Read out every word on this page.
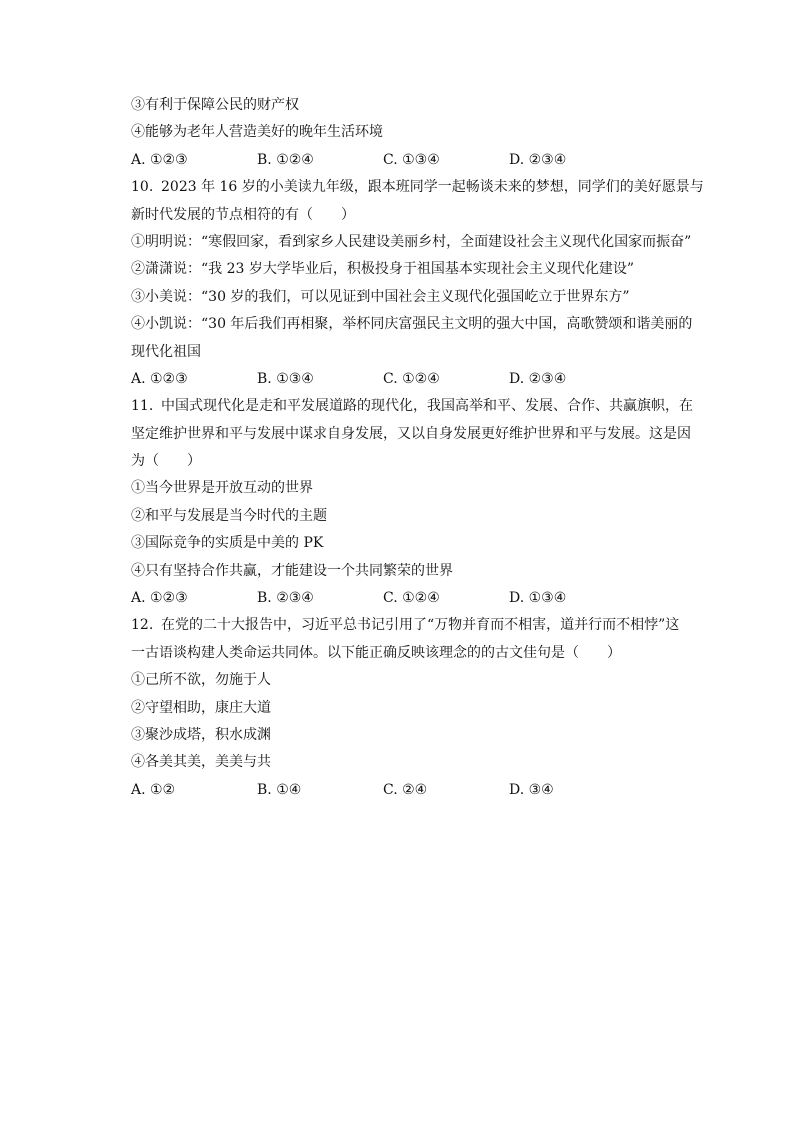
③有利于保障公民的财产权
④能够为老年人营造美好的晚年生活环境
A. ①②③	B. ①②④	C. ①③④	D. ②③④
10. 2023 年 16 岁的小美读九年级，跟本班同学一起畅谈未来的梦想，同学们的美好愿景与
新时代发展的节点相符的有（　　）
①明明说：“寒假回家，看到家乡人民建设美丽乡村，全面建设社会主义现代化国家而振奋”
②潇潇说：“我 23 岁大学毕业后，积极投身于祖国基本实现社会主义现代化建设”
③小美说：“30 岁的我们，可以见证到中国社会主义现代化强国屹立于世界东方”
④小凯说：“30 年后我们再相聚，举杯同庆富强民主文明的强大中国，高歌赞颂和谐美丽的
现代化祖国
A. ①②③	B. ①③④	C. ①②④	D. ②③④
11. 中国式现代化是走和平发展道路的现代化，我国高举和平、发展、合作、共赢旗帜，在
坚定维护世界和平与发展中谋求自身发展，又以自身发展更好维护世界和平与发展。这是因
为（　　）
①当今世界是开放互动的世界
②和平与发展是当今时代的主题
③国际竞争的实质是中美的 PK
④只有坚持合作共赢，才能建设一个共同繁荣的世界
A. ①②③	B. ②③④	C. ①②④	D. ①③④
12. 在党的二十大报告中，习近平总书记引用了“万物并育而不相害，道并行而不相悖”这
一古语谈构建人类命运共同体。以下能正确反映该理念的的古文佳句是（　　）
①己所不欲，勿施于人
②守望相助，康庄大道
③聚沙成塔，积水成渊
④各美其美，美美与共
A. ①②	B. ①④	C. ②④	D. ③④
